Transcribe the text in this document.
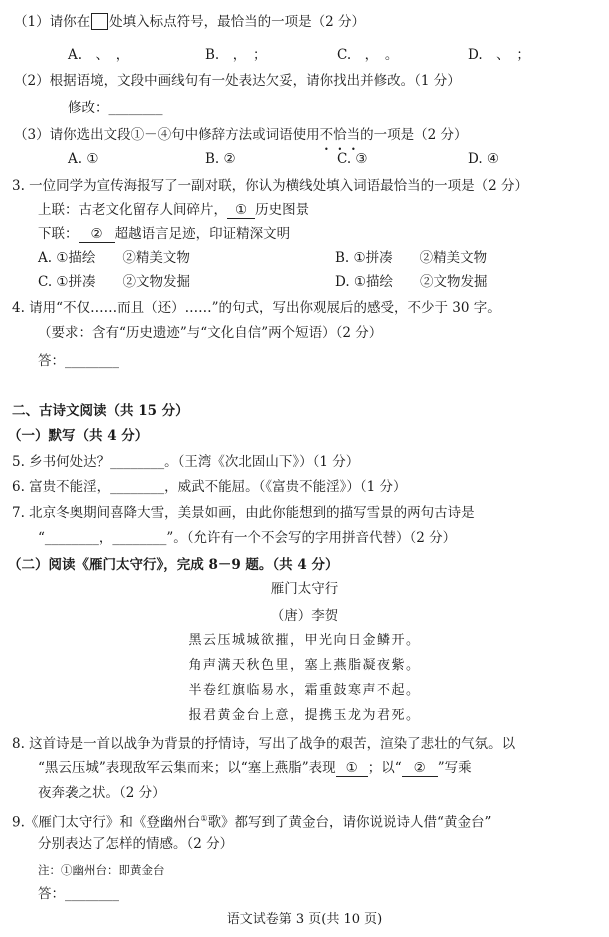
（1）请你在 处填入标点符号，最恰当的一项是（2 分）
A.　、　，	B.　，　；	C.　，　。	D.　、　；
（2）根据语境，文段中画线句有一处表达欠妥，请你找出并修改。（1 分）
修改：________
（3）请你选出文段①－④句中修辞方法或词语使用不恰当的一项是（2 分）
A. ①	B. ②	C. ③	D. ④
3. 一位同学为宣传海报写了一副对联，你认为横线处填入词语最恰当的一项是（2 分）
上联：古老文化留存人间碎片， ① 历史图景
下联： ② 超越语言足迹，印证精深文明
A. ①描绘　　②精美文物	B. ①拼凑　　②精美文物
C. ①拼凑　　②文物发掘	D. ①描绘　　②文物发掘
4. 请用“不仅……而且（还）……”的句式，写出你观展后的感受，不少于 30 字。
（要求：含有“历史遗迹”与“文化自信”两个短语）（2 分）
答：________
二、古诗文阅读（共 15 分）
（一）默写（共 4 分）
5. 乡书何处达？________。（王湾《次北固山下》）（1 分）
6. 富贵不能淫，________，威武不能屈。（《富贵不能淫》）（1 分）
7. 北京冬奥期间喜降大雪，美景如画，由此你能想到的描写雪景的两句古诗是
“________，________”。（允许有一个不会写的字用拼音代替）（2 分）
（二）阅读《雁门太守行》，完成 8－9 题。（共 4 分）
雁门太守行
（唐）李贺
黑云压城城欲摧，甲光向日金鳞开。
角声满天秋色里，塞上燕脂凝夜紫。
半卷红旗临易水，霜重鼓寒声不起。
报君黄金台上意，提携玉龙为君死。
8. 这首诗是一首以战争为背景的抒情诗，写出了战争的艰苦，渲染了悲壮的气氛。以
“黑云压城”表现敌军云集而来；以“塞上燕脂”表现 ① ；以“ ② ”写乘
夜奔袭之状。（2 分）
9.《雁门太守行》和《登幽州台①歌》都写到了黄金台，请你说说诗人借“黄金台”
分别表达了怎样的情感。（2 分）
注：①幽州台：即黄金台
答：________
语文试卷第 3 页(共 10 页)
